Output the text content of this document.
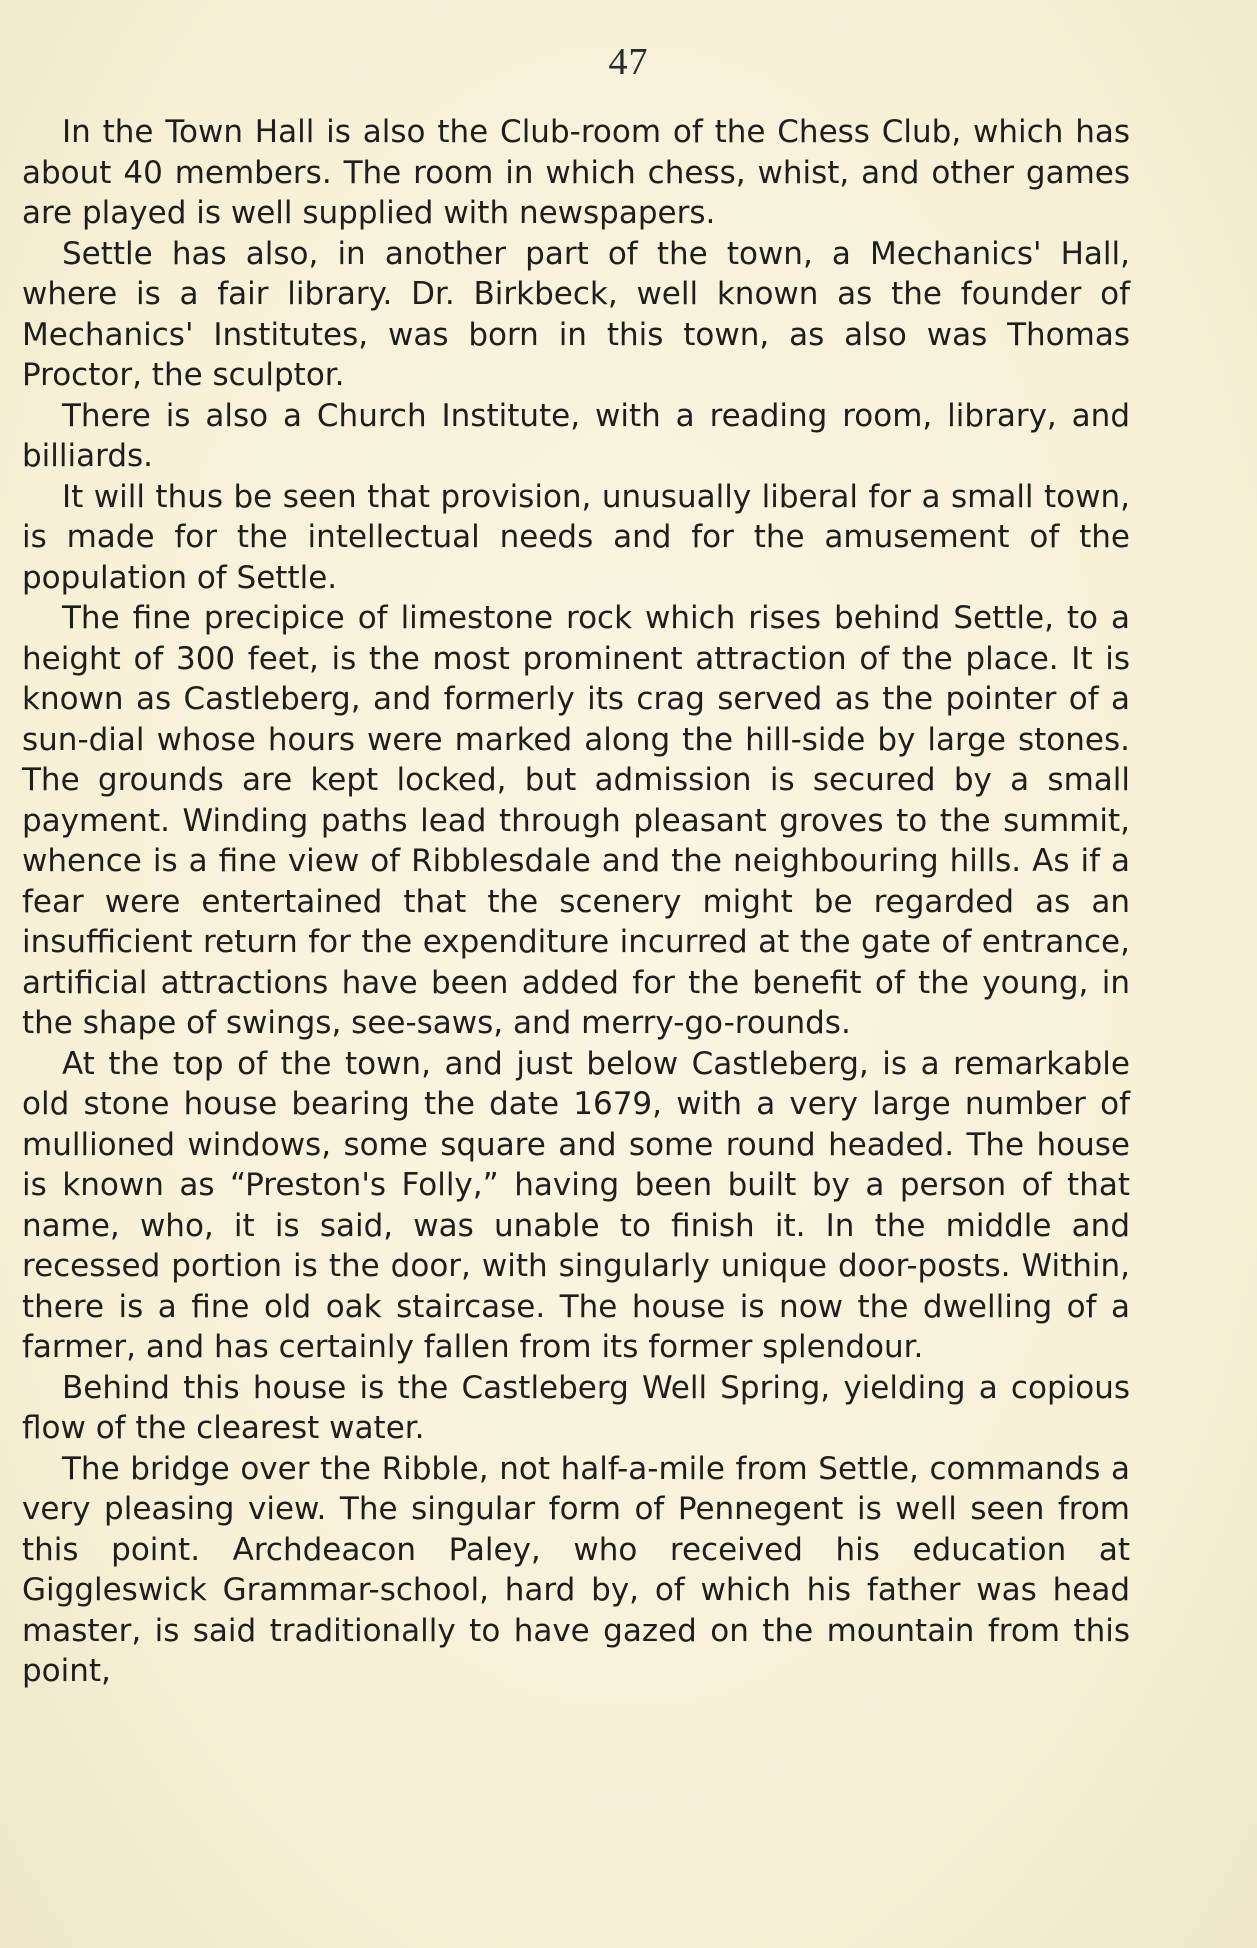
47

In the Town Hall is also the Club-room of the Chess Club, which has about 40 members. The room in which chess, whist, and other games are played is well supplied with newspapers.

Settle has also, in another part of the town, a Mechanics' Hall, where is a fair library. Dr. Birkbeck, well known as the founder of Mechanics' Institutes, was born in this town, as also was Thomas Proctor, the sculptor.

There is also a Church Institute, with a reading room, library, and billiards.

It will thus be seen that provision, unusually liberal for a small town, is made for the intellectual needs and for the amusement of the population of Settle.

The fine precipice of limestone rock which rises behind Settle, to a height of 300 feet, is the most prominent attraction of the place. It is known as Castleberg, and formerly its crag served as the pointer of a sun-dial whose hours were marked along the hill-side by large stones. The grounds are kept locked, but admission is secured by a small payment. Winding paths lead through pleasant groves to the summit, whence is a fine view of Ribblesdale and the neighbouring hills. As if a fear were entertained that the scenery might be regarded as an insufficient return for the expenditure incurred at the gate of entrance, artificial attractions have been added for the benefit of the young, in the shape of swings, see-saws, and merry-go-rounds.

At the top of the town, and just below Castleberg, is a remarkable old stone house bearing the date 1679, with a very large number of mullioned windows, some square and some round headed. The house is known as “Preston's Folly,” having been built by a person of that name, who, it is said, was unable to finish it. In the middle and recessed portion is the door, with singularly unique door-posts. Within, there is a fine old oak staircase. The house is now the dwelling of a farmer, and has certainly fallen from its former splendour.

Behind this house is the Castleberg Well Spring, yielding a copious flow of the clearest water.

The bridge over the Ribble, not half-a-mile from Settle, commands a very pleasing view. The singular form of Pennegent is well seen from this point. Archdeacon Paley, who received his education at Giggleswick Grammar-school, hard by, of which his father was head master, is said traditionally to have gazed on the mountain from this point,
